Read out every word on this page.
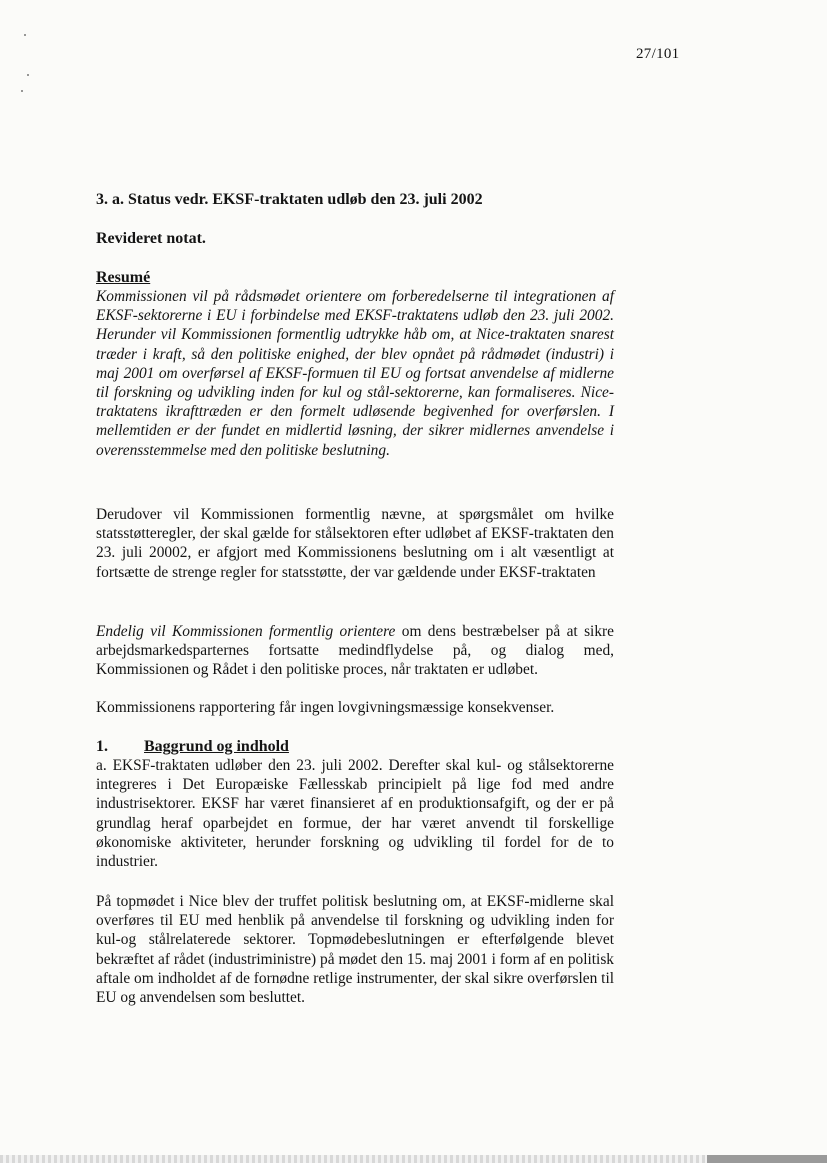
27/101
3. a. Status vedr. EKSF-traktaten udløb den 23. juli 2002
Revideret notat.
Resumé
Kommissionen vil på rådsmødet orientere om forberedelserne til integrationen af EKSF-sektorerne i EU i forbindelse med EKSF-traktatens udløb den 23. juli 2002. Herunder vil Kommissionen formentlig udtrykke håb om, at Nice-traktaten snarest træder i kraft, så den politiske enighed, der blev opnået på rådmødet (industri) i maj 2001 om overførsel af EKSF-formuen til EU og fortsat anvendelse af midlerne til forskning og udvikling inden for kul og stål-sektorerne, kan formaliseres. Nice-traktatens ikrafttræden er den formelt udløsende begivenhed for overførslen. I mellemtiden er der fundet en midlertid løsning, der sikrer midlernes anvendelse i overensstemmelse med den politiske beslutning.
Derudover vil Kommissionen formentlig nævne, at spørgsmålet om hvilke statsstøtteregler, der skal gælde for stålsektoren efter udløbet af EKSF-traktaten den 23. juli 20002, er afgjort med Kommissionens beslutning om i alt væsentligt at fortsætte de strenge regler for statsstøtte, der var gældende under EKSF-traktaten
Endelig vil Kommissionen formentlig orientere om dens bestræbelser på at sikre arbejdsmarkedsparternes fortsatte medindflydelse på, og dialog med, Kommissionen og Rådet i den politiske proces, når traktaten er udløbet.
Kommissionens rapportering får ingen lovgivningsmæssige konsekvenser.
1. Baggrund og indhold
a. EKSF-traktaten udløber den 23. juli 2002. Derefter skal kul- og stålsektorerne integreres i Det Europæiske Fællesskab principielt på lige fod med andre industrisektorer. EKSF har været finansieret af en produktionsafgift, og der er på grundlag heraf oparbejdet en formue, der har været anvendt til forskellige økonomiske aktiviteter, herunder forskning og udvikling til fordel for de to industrier.
På topmødet i Nice blev der truffet politisk beslutning om, at EKSF-midlerne skal overføres til EU med henblik på anvendelse til forskning og udvikling inden for kul-og stålrelaterede sektorer. Topmødebeslutningen er efterfølgende blevet bekræftet af rådet (industriministre) på mødet den 15. maj 2001 i form af en politisk aftale om indholdet af de fornødne retlige instrumenter, der skal sikre overførslen til EU og anvendelsen som besluttet.
